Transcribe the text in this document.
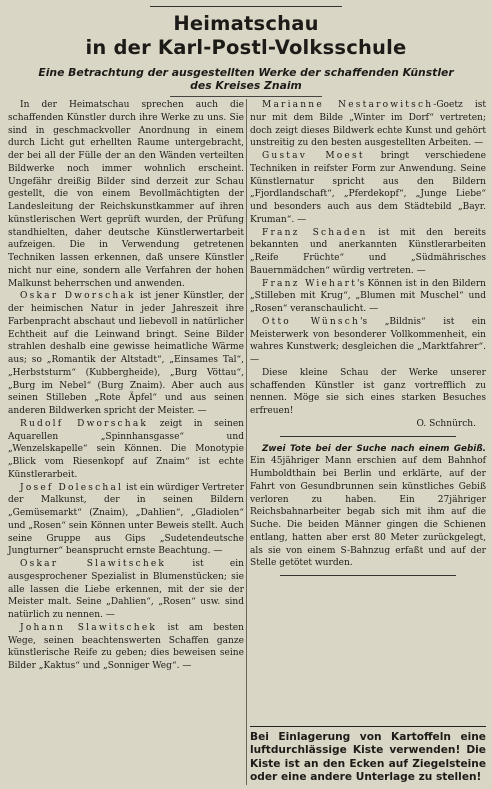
Heimatschau
in der Karl-Postl-Volksschule
Eine Betrachtung der ausgestellten Werke der schaffenden Künstler
des Kreises Znaim

In der Heimatschau sprechen auch die schaffenden Künstler durch ihre Werke zu uns. Sie sind in geschmackvoller Anordnung in einem durch Licht gut erhellten Raume untergebracht, der bei all der Fülle der an den Wänden verteilten Bildwerke noch immer wohnlich erscheint. Ungefähr dreißig Bilder sind derzeit zur Schau gestellt, die von einem Bevollmächtigten der Landesleitung der Reichskunstkammer auf ihren künstlerischen Wert geprüft wurden, der Prüfung standhielten, daher deutsche Künstlerwertarbeit aufzeigen. Die in Verwendung getretenen Techniken lassen erkennen, daß unsere Künstler nicht nur eine, sondern alle Verfahren der hohen Malkunst beherrschen und anwenden.

Oskar Dworschak ist jener Künstler, der der heimischen Natur in jeder Jahreszeit ihre Farbenpracht abschaut und liebevoll in natürlicher Echtheit auf die Leinwand bringt. Seine Bilder strahlen deshalb eine gewisse heimatliche Wärme aus; so „Romantik der Altstadt“, „Einsames Tal“, „Herbststurm“ (Kubbergheide), „Burg Vöttau“, „Burg im Nebel“ (Burg Znaim). Aber auch aus seinen Stilleben „Rote Äpfel“ und aus seinen anderen Bildwerken spricht der Meister. —

Rudolf Dworschak zeigt in seinen Aquarellen „Spinnhansgasse“ und „Wenzelskapelle“ sein Können. Die Monotypie „Blick vom Riesenkopf auf Znaim“ ist echte Künstlerarbeit.

Josef Doleschal ist ein würdiger Vertreter der Malkunst, der in seinen Bildern „Gemüsemarkt“ (Znaim), „Dahlien“, „Gladiolen“ und „Rosen“ sein Können unter Beweis stellt. Auch seine Gruppe aus Gips „Sudetendeutsche Jungturner“ beansprucht ernste Beachtung. —

Oskar Slawitschek ist ein ausgesprochener Spezialist in Blumenstücken; sie alle lassen die Liebe erkennen, mit der sie der Meister malt. Seine „Dahlien“, „Rosen“ usw. sind natürlich zu nennen. —

Johann Slawitschek ist am besten Wege, seinen beachtenswerten Schaffen ganze künstlerische Reife zu geben; dies beweisen seine Bilder „Kaktus“ und „Sonniger Weg“. —

Marianne Nestarowitsch-Goetz ist nur mit dem Bilde „Winter im Dorf“ vertreten; doch zeigt dieses Bildwerk echte Kunst und gehört unstreitig zu den besten ausgestellten Arbeiten. —

Gustav Moest bringt verschiedene Techniken in reifster Form zur Anwendung. Seine Künstlernatur spricht aus den Bildern „Fjordlandschaft“, „Pferdekopf“, „Junge Liebe“ und besonders auch aus dem Städtebild „Bayr. Kruman“. —

Franz Schaden ist mit den bereits bekannten und anerkannten Künstlerarbeiten „Reife Früchte“ und „Südmährisches Bauernmädchen“ würdig vertreten. —

Franz Wiehart's Können ist in den Bildern „Stilleben mit Krug“, „Blumen mit Muschel“ und „Rosen“ veranschaulicht. —

Otto Wünsch's „Bildnis“ ist ein Meisterwerk von besonderer Vollkommenheit, ein wahres Kunstwerk; desgleichen die „Marktfahrer“. —

Diese kleine Schau der Werke unserer schaffenden Künstler ist ganz vortrefflich zu nennen. Möge sie sich eines starken Besuches erfreuen!

O. Schnürch.

Zwei Tote bei der Suche nach einem Gebiß. Ein 45jähriger Mann erschien auf dem Bahnhof Humboldthain bei Berlin und erklärte, auf der Fahrt von Gesundbrunnen sein künstliches Gebiß verloren zu haben. Ein 27jähriger Reichsbahnarbeiter begab sich mit ihm auf die Suche. Die beiden Männer gingen die Schienen entlang, hatten aber erst 80 Meter zurückgelegt, als sie von einem S-Bahnzug erfaßt und auf der Stelle getötet wurden.

Bei Einlagerung von Kartoffeln eine luftdurchlässige Kiste verwenden! Die Kiste ist an den Ecken auf Ziegelsteine oder eine andere Unterlage zu stellen!
